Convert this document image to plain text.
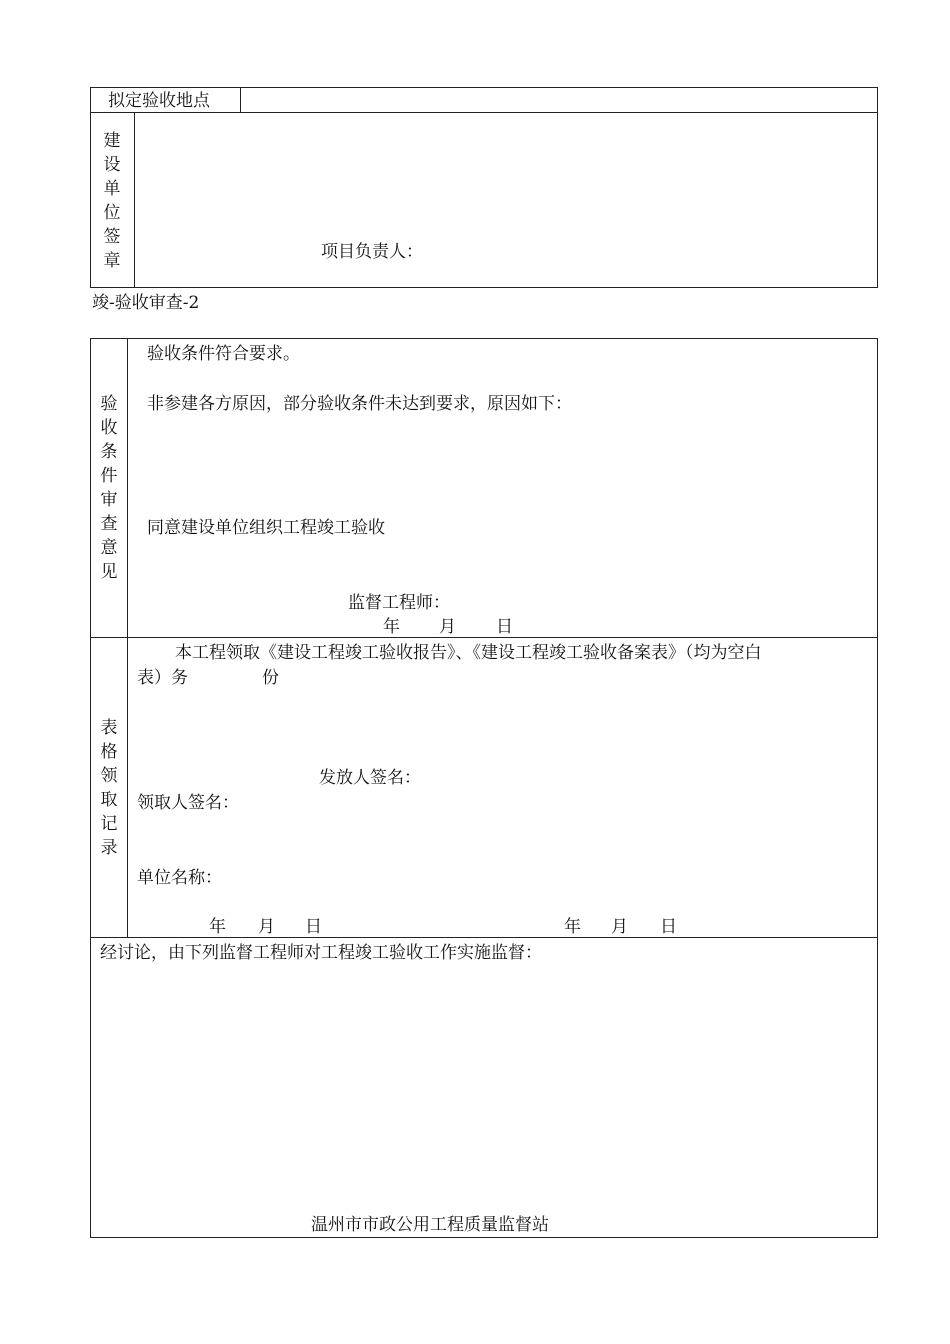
拟定验收地点
建
设
单
位
签
章	项目负责人：
竣-验收审查-2
验
收
条
件
审
查
意
见
验收条件符合要求。
非参建各方原因，部分验收条件未达到要求，原因如下：
同意建设单位组织工程竣工验收
监督工程师：
年 月 日
表
格
领
取
记
录
本工程领取《建设工程竣工验收报告》、《建设工程竣工验收备案表》（均为空白
表）务	份
发放人签名：
领取人签名：
单位名称：
年 月 日	年 月 日
经讨论，由下列监督工程师对工程竣工验收工作实施监督：
温州市市政公用工程质量监督站
